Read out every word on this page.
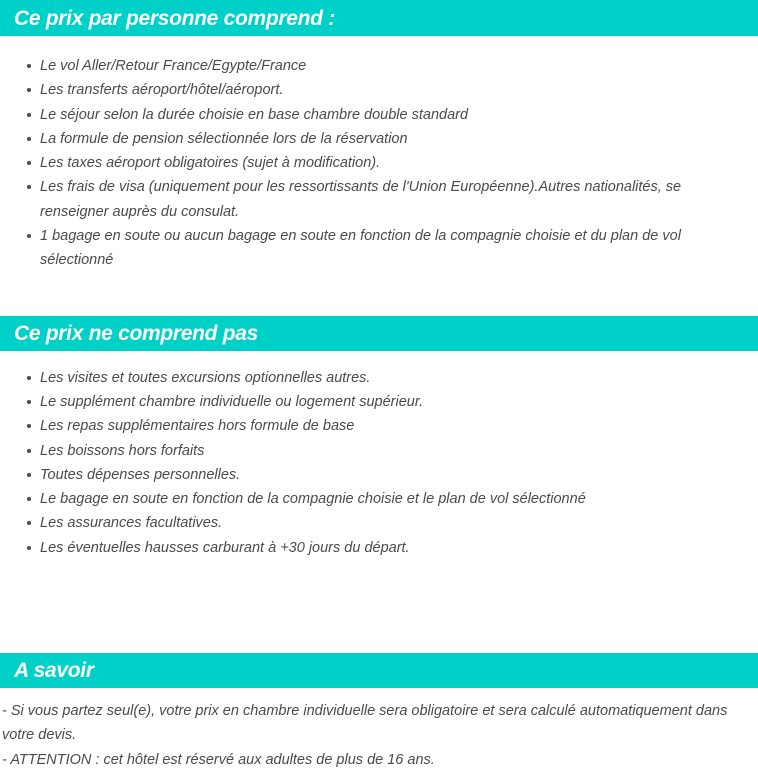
Ce prix par personne comprend :
Le vol Aller/Retour France/Egypte/France
Les transferts aéroport/hôtel/aéroport.
Le séjour selon la durée choisie en base chambre double standard
La formule de pension sélectionnée lors de la réservation
Les taxes aéroport obligatoires (sujet à modification).
Les frais de visa (uniquement pour les ressortissants de l'Union Européenne).Autres nationalités, se renseigner auprès du consulat.
1 bagage en soute ou aucun bagage en soute en fonction de la compagnie choisie et du plan de vol sélectionné
Ce prix ne comprend pas
Les visites et toutes excursions optionnelles autres.
Le supplément chambre individuelle ou logement supérieur.
Les repas supplémentaires hors formule de base
Les boissons hors forfaits
Toutes dépenses personnelles.
Le bagage en soute en fonction de la compagnie choisie et le plan de vol sélectionné
Les assurances facultatives.
Les éventuelles hausses carburant à +30 jours du départ.
A savoir

- Si vous partez seul(e), votre prix en chambre individuelle sera obligatoire et sera calculé automatiquement dans votre devis.

- ATTENTION : cet hôtel est réservé aux adultes de plus de 16 ans.
